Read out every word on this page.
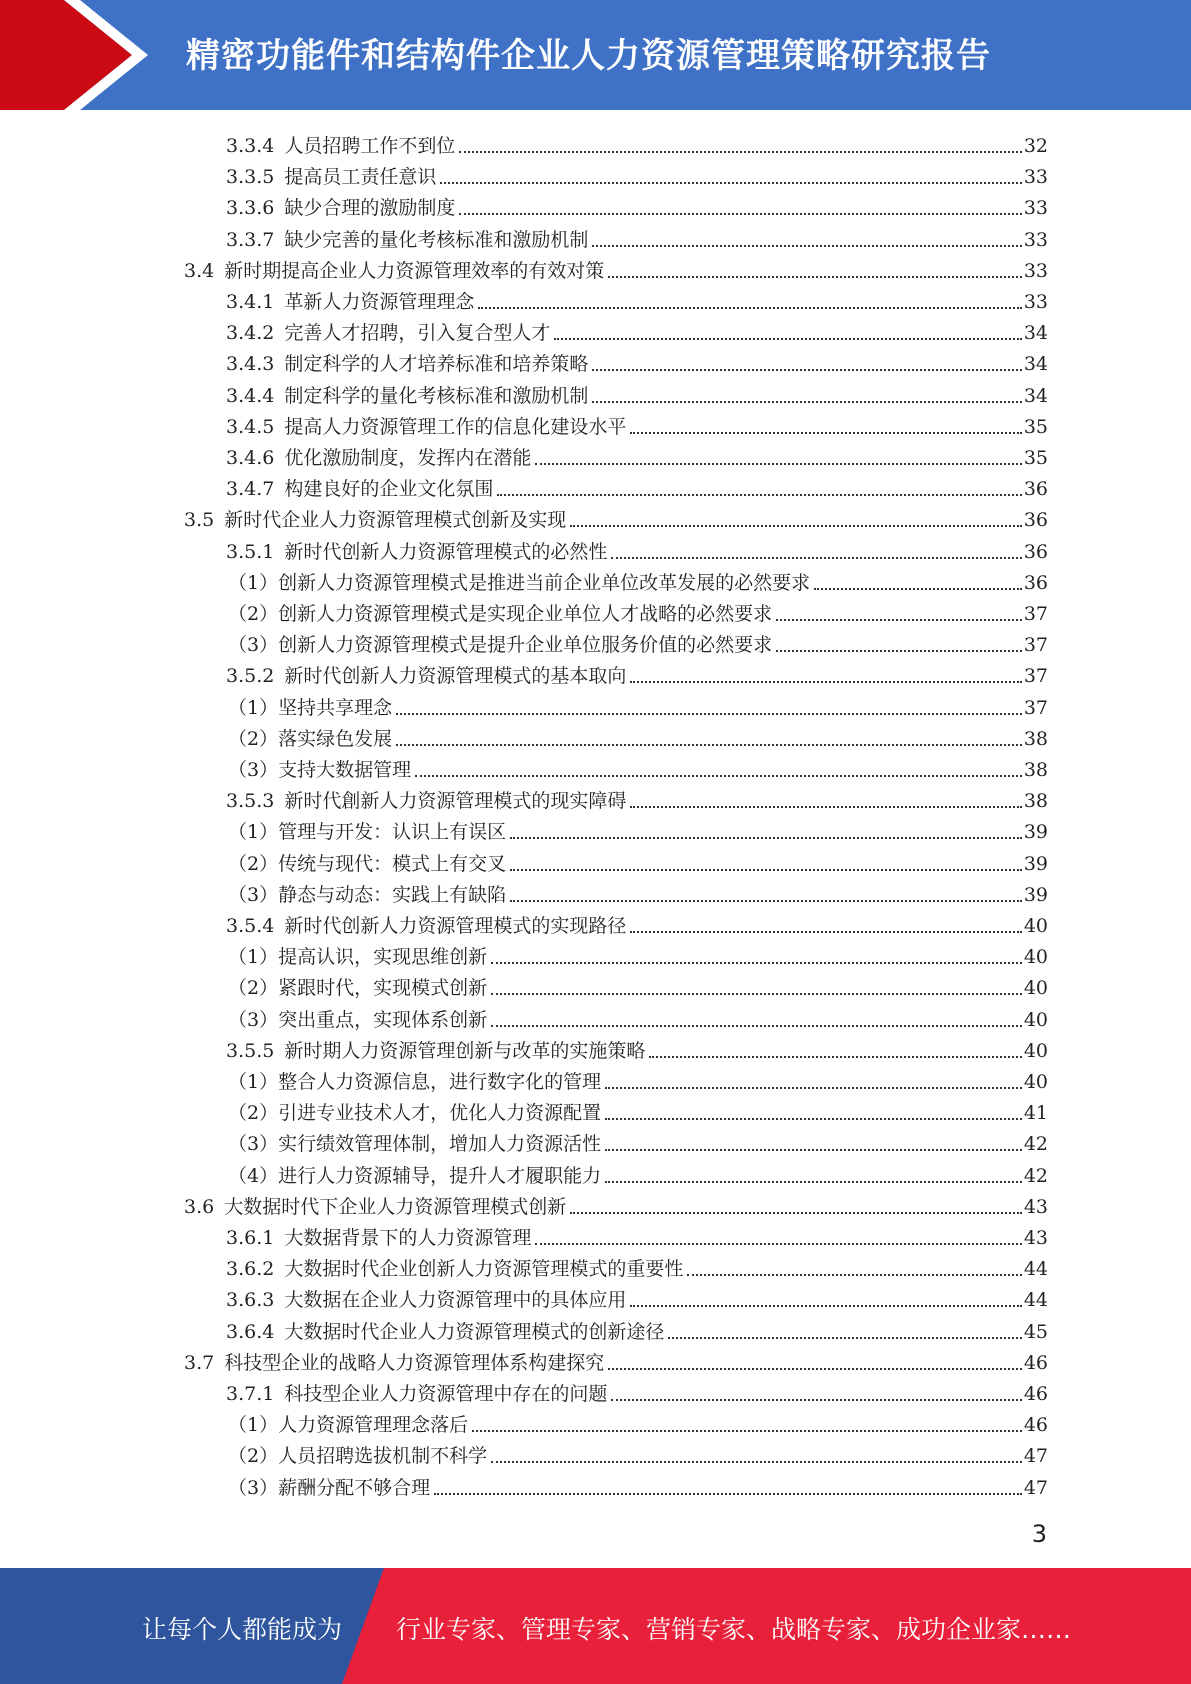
精密功能件和结构件企业人力资源管理策略研究报告
3.3.4 人员招聘工作不到位	32
3.3.5 提高员工责任意识	33
3.3.6 缺少合理的激励制度	33
3.3.7 缺少完善的量化考核标准和激励机制	33
3.4 新时期提高企业人力资源管理效率的有效对策	33
3.4.1 革新人力资源管理理念	33
3.4.2 完善人才招聘，引入复合型人才	34
3.4.3 制定科学的人才培养标准和培养策略	34
3.4.4 制定科学的量化考核标准和激励机制	34
3.4.5 提高人力资源管理工作的信息化建设水平	35
3.4.6 优化激励制度，发挥内在潜能	35
3.4.7 构建良好的企业文化氛围	36
3.5 新时代企业人力资源管理模式创新及实现	36
3.5.1 新时代创新人力资源管理模式的必然性	36
（1） 创新人力资源管理模式是推进当前企业单位改革发展的必然要求	36
（2） 创新人力资源管理模式是实现企业单位人才战略的必然要求	37
（3） 创新人力资源管理模式是提升企业单位服务价值的必然要求	37
3.5.2 新时代创新人力资源管理模式的基本取向	37
（1） 坚持共享理念	37
（2） 落实绿色发展	38
（3） 支持大数据管理	38
3.5.3 新时代創新人力资源管理模式的现实障碍	38
（1） 管理与开发：认识上有误区	39
（2） 传统与现代：模式上有交叉	39
（3） 静态与动态：实践上有缺陷	39
3.5.4 新时代创新人力资源管理模式的实现路径	40
（1） 提高认识，实现思维创新	40
（2） 紧跟时代，实现模式创新	40
（3） 突出重点，实现体系创新	40
3.5.5 新时期人力资源管理创新与改革的实施策略	40
（1） 整合人力资源信息，进行数字化的管理	40
（2） 引进专业技术人才，优化人力资源配置	41
（3） 实行绩效管理体制，增加人力资源活性	42
（4） 进行人力资源辅导，提升人才履职能力	42
3.6 大数据时代下企业人力资源管理模式创新	43
3.6.1 大数据背景下的人力资源管理	43
3.6.2 大数据时代企业创新人力资源管理模式的重要性	44
3.6.3 大数据在企业人力资源管理中的具体应用	44
3.6.4 大数据时代企业人力资源管理模式的创新途径	45
3.7 科技型企业的战略人力资源管理体系构建探究	46
3.7.1 科技型企业人力资源管理中存在的问题	46
（1） 人力资源管理理念落后	46
（2） 人员招聘选拔机制不科学	47
（3） 薪酬分配不够合理	47
3
让每个人都能成为 行业专家、管理专家、营销专家、战略专家、成功企业家……
